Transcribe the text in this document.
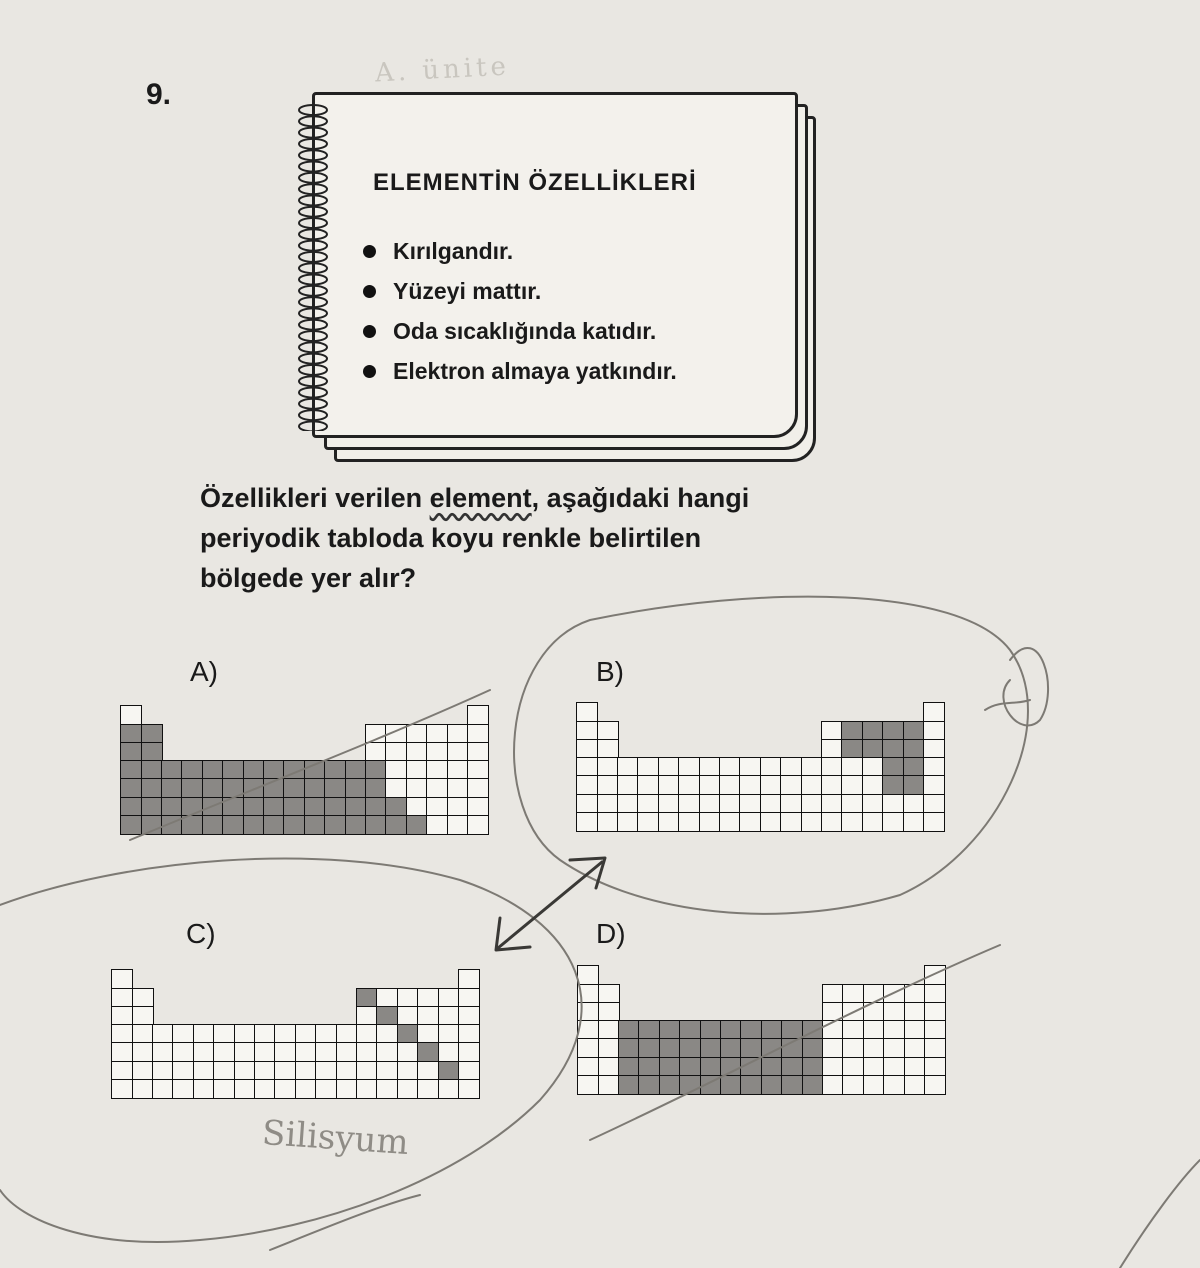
9.
A. ünite
ELEMENTİN ÖZELLİKLERİ
Kırılgandır.
Yüzeyi mattır.
Oda sıcaklığında katıdır.
Elektron almaya yatkındır.

Özellikleri verilen element, aşağıdaki hangi

periyodik tabloda koyu renkle belirtilen

bölgede yer alır?

A)	B)
C)	D)
Silisyum
